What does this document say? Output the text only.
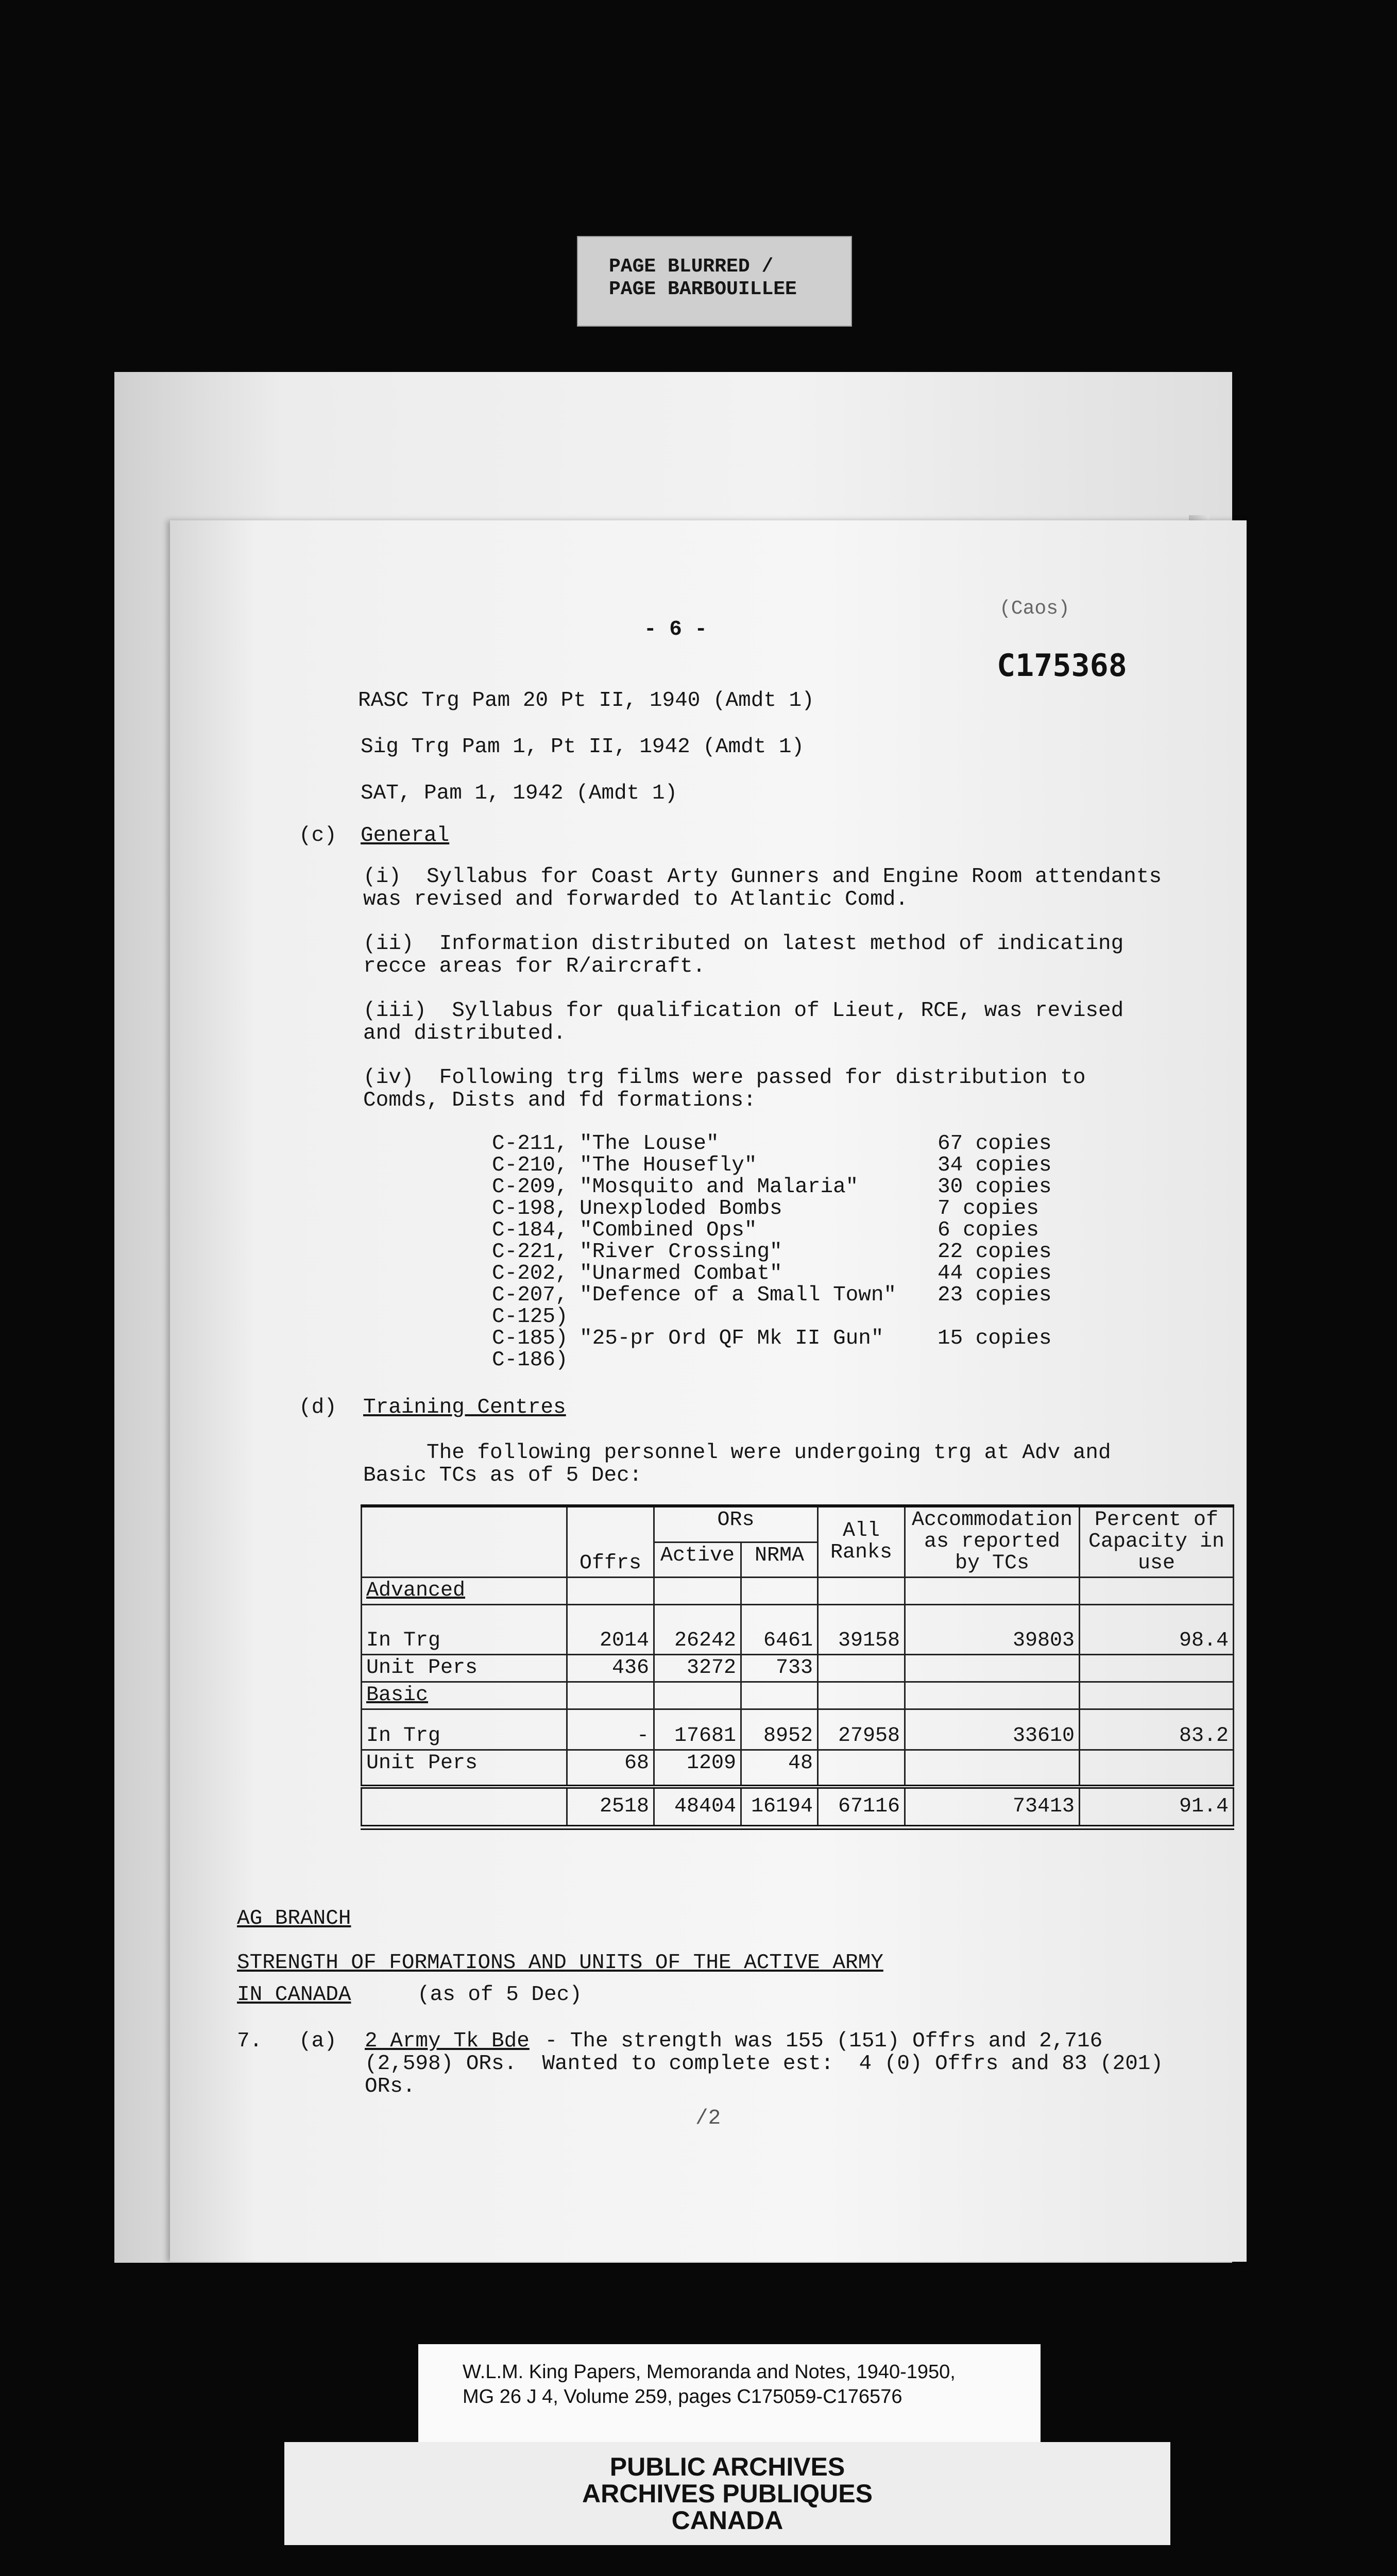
PAGE BLURRED /
PAGE BARBOUILLEE
- 6 -
(Caos)
C175368
RASC Trg Pam 20 Pt II, 1940 (Amdt 1)
Sig Trg Pam 1, Pt II, 1942 (Amdt 1)
SAT, Pam 1, 1942 (Amdt 1)
(c) General
(i)  Syllabus for Coast Arty Gunners and Engine Room attendants
was revised and forwarded to Atlantic Comd.
(ii)  Information distributed on latest method of indicating
recce areas for R/aircraft.
(iii)  Syllabus for qualification of Lieut, RCE, was revised
and distributed.
(iv)  Following trg films were passed for distribution to
Comds, Dists and fd formations:
C-211, "The Louse"	67 copies
C-210, "The Housefly"	34 copies
C-209, "Mosquito and Malaria"	30 copies
C-198, Unexploded Bombs	7 copies
C-184, "Combined Ops"	6 copies
C-221, "River Crossing"	22 copies
C-202, "Unarmed Combat"	44 copies
C-207, "Defence of a Small Town" 23 copies
C-125)
C-185) "25-pr Ord QF Mk II Gun"	15 copies
C-186)
(d) Training Centres
The following personnel were undergoing trg at Adv and
Basic TCs as of 5 Dec:
	Offrs	ORs		All Ranks	Accommodation as reported by TCs	Percent of Capacity in use
		Active	NRMA			
Advanced						
In Trg	2014	26242	6461	39158	39803	98.4
Unit Pers	436	3272	733			
Basic						
In Trg	-	17681	8952	27958	33610	83.2
Unit Pers	68	1209	48			
	2518	48404	16194	67116	73413	91.4
AG BRANCH
STRENGTH OF FORMATIONS AND UNITS OF THE ACTIVE ARMY
IN CANADA	(as of 5 Dec)
7. (a) 2 Army Tk Bde - The strength was 155 (151) Offrs and 2,716
(2,598) ORs.  Wanted to complete est:  4 (0) Offrs and 83 (201)
ORs.
/2
W.L.M. King Papers, Memoranda and Notes, 1940-1950,
MG 26 J 4, Volume 259, pages C175059-C176576
PUBLIC ARCHIVES
ARCHIVES PUBLIQUES
CANADA
